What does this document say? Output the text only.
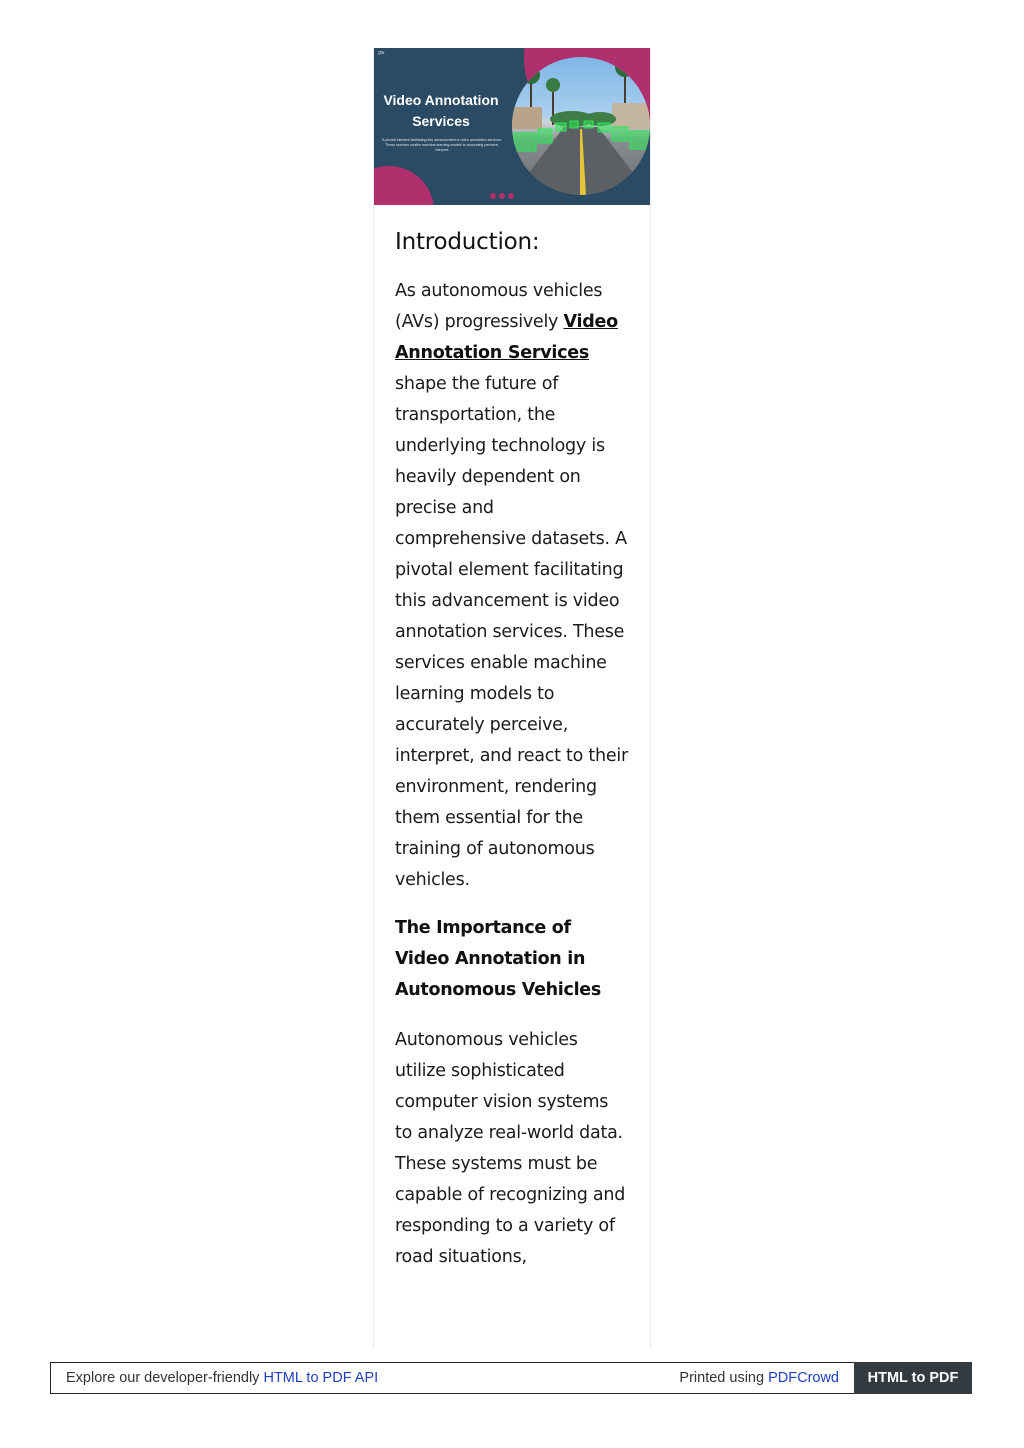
gw
Video Annotation
Services
A pivotal element facilitating this advancement is video annotation services. These services enable machine learning models to accurately perceive, interpret.
Introduction:

As autonomous vehicles (AVs) progressively Video Annotation Services shape the future of transportation, the underlying technology is heavily dependent on precise and comprehensive datasets. A pivotal element facilitating this advancement is video annotation services. These services enable machine learning models to accurately perceive, interpret, and react to their environment, rendering them essential for the training of autonomous vehicles.

The Importance of Video Annotation in Autonomous Vehicles

Autonomous vehicles utilize sophisticated computer vision systems to analyze real-world data. These systems must be capable of recognizing and responding to a variety of road situations,

Explore our developer-friendly HTML to PDF API	Printed using PDFCrowd	HTML to PDF
